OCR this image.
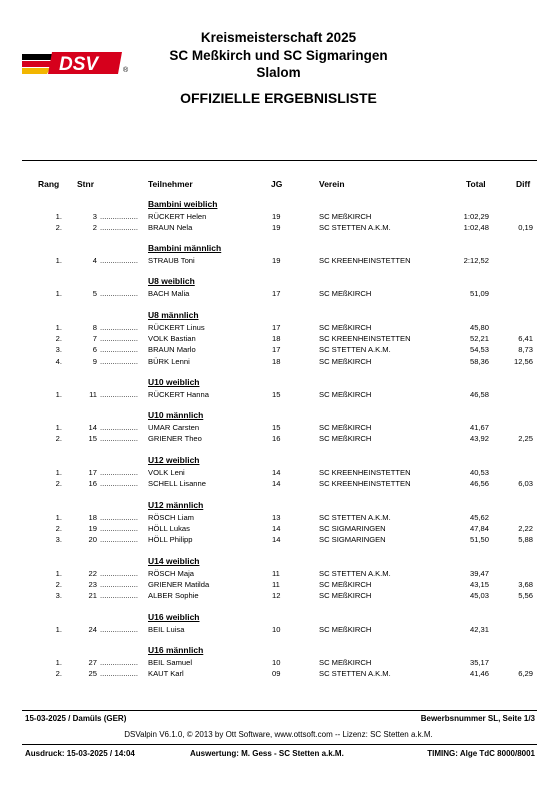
DSV	®
Kreismeisterschaft 2025
SC Meßkirch und SC Sigmaringen
Slalom
OFFIZIELLE ERGEBNISLISTE
Rang Stnr	Teilnehmer	JG	Verein	Total	Diff
Bambini weiblich
1.	3	RÜCKERT Helen	19	SC MEßKIRCH	1:02,29
..................
2.	2	BRAUN Nela	19	SC STETTEN A.K.M.	1:02,48	0,19
..................
Bambini männlich
1.	4	STRAUB Toni	19	SC KREENHEINSTETTEN	2:12,52
..................
U8 weiblich
1.	5	BACH Malia	17	SC MEßKIRCH	51,09
..................
U8 männlich
1.	8	RÜCKERT Linus	17	SC MEßKIRCH	45,80
..................
2.	7	VOLK Bastian	18	SC KREENHEINSTETTEN	52,21	6,41
..................
3.	6	BRAUN Marlo	17	SC STETTEN A.K.M.	54,53	8,73
..................
4.	9	BÜRK Lenni	18	SC MEßKIRCH	58,36	12,56
..................
U10 weiblich
1.	11	RÜCKERT Hanna	15	SC MEßKIRCH	46,58
..................
U10 männlich
1.	14	UMAR Carsten	15	SC MEßKIRCH	41,67
..................
2.	15	GRIENER Theo	16	SC MEßKIRCH	43,92	2,25
..................
U12 weiblich
1.	17	VOLK Leni	14	SC KREENHEINSTETTEN	40,53
..................
2.	16	SCHELL Lisanne	14	SC KREENHEINSTETTEN	46,56	6,03
..................
U12 männlich
1.	18	RÖSCH Liam	13	SC STETTEN A.K.M.	45,62
..................
2.	19	HÖLL Lukas	14	SC SIGMARINGEN	47,84	2,22
..................
3.	20	HÖLL Philipp	14	SC SIGMARINGEN	51,50	5,88
..................
U14 weiblich
1.	22	RÖSCH Maja	11	SC STETTEN A.K.M.	39,47
..................
2.	23	GRIENER Matilda	11	SC MEßKIRCH	43,15	3,68
..................
3.	21	ALBER Sophie	12	SC MEßKIRCH	45,03	5,56
..................
U16 weiblich
1.	24	BEIL Luisa	10	SC MEßKIRCH	42,31
..................
U16 männlich
1.	27	BEIL Samuel	10	SC MEßKIRCH	35,17
..................
2.	25	KAUT Karl	09	SC STETTEN A.K.M.	41,46	6,29
..................
15-03-2025 / Damüls (GER)	Bewerbsnummer SL, Seite 1/3
DSValpin V6.1.0, © 2013 by Ott Software, www.ottsoft.com -- Lizenz: SC Stetten a.k.M.
Ausdruck: 15-03-2025 / 14:04	Auswertung: M. Gess - SC Stetten a.k.M.	TIMING: Alge TdC 8000/8001
